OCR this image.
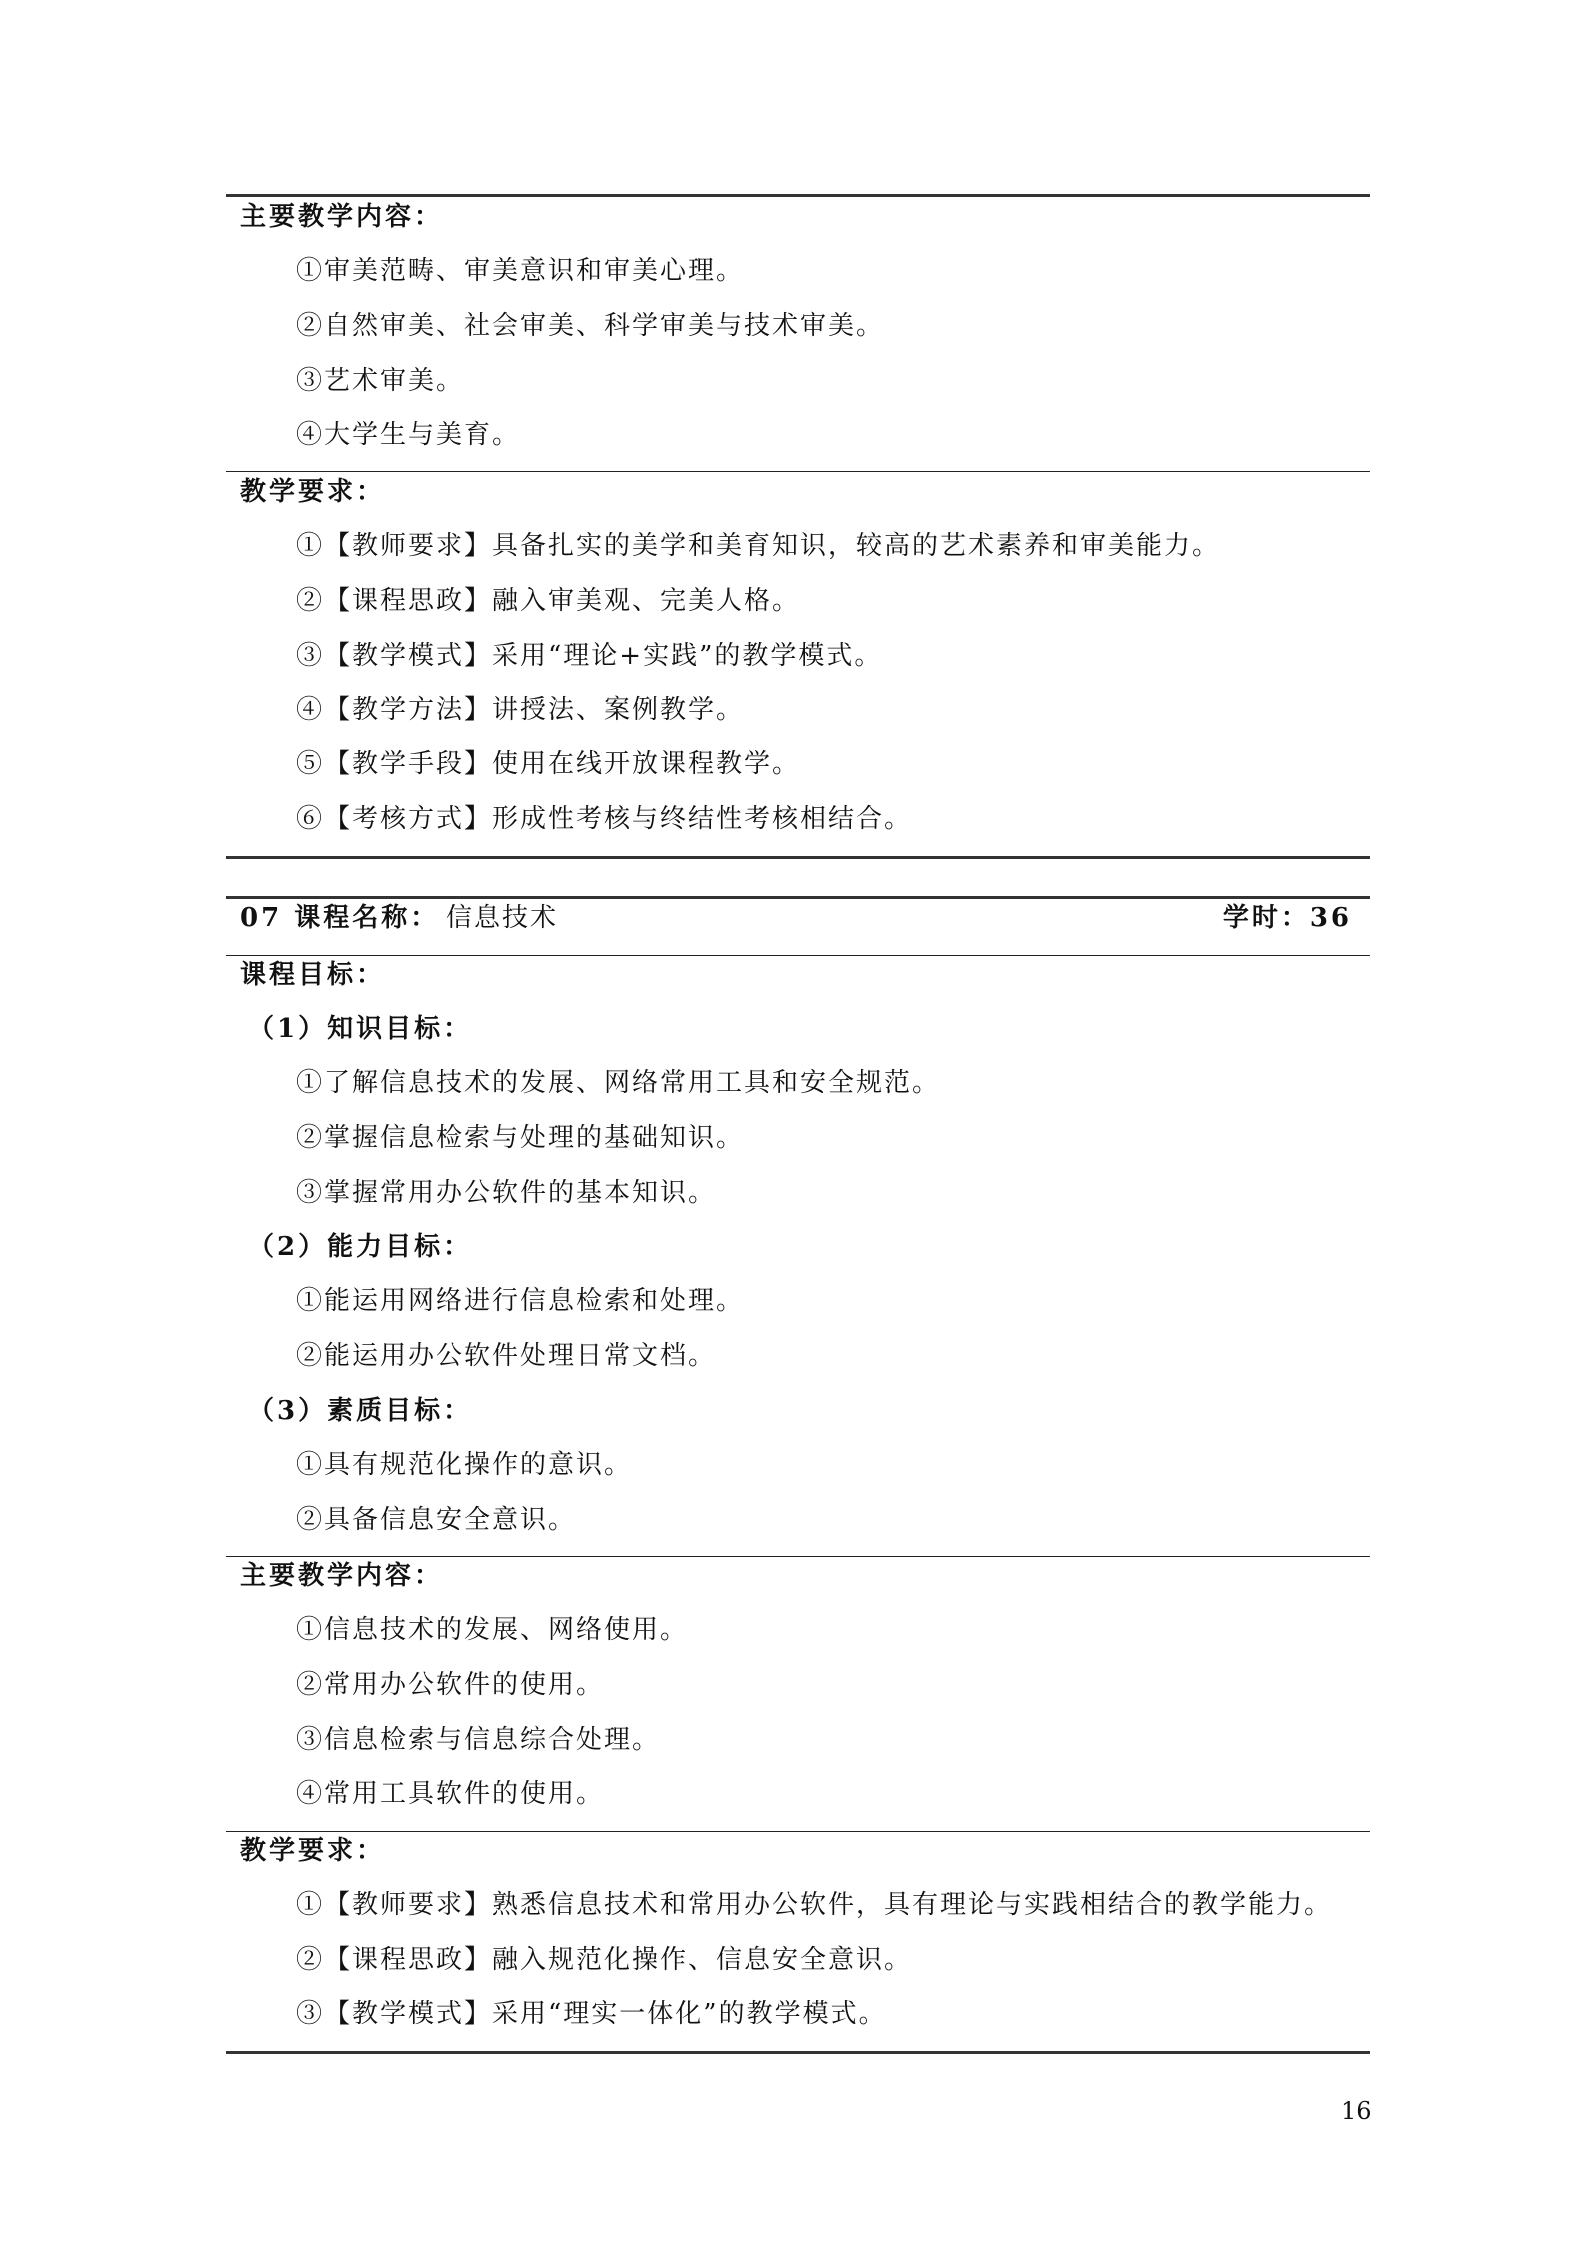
主要教学内容：
①审美范畴、审美意识和审美心理。
②自然审美、社会审美、科学审美与技术审美。
③艺术审美。
④大学生与美育。
教学要求：
①【教师要求】具备扎实的美学和美育知识，较高的艺术素养和审美能力。
②【课程思政】融入审美观、完美人格。
③【教学模式】采用“理论+实践”的教学模式。
④【教学方法】讲授法、案例教学。
⑤【教学手段】使用在线开放课程教学。
⑥【考核方式】形成性考核与终结性考核相结合。
07 课程名称： 信息技术	学时：36
课程目标：
（1）知识目标：
①了解信息技术的发展、网络常用工具和安全规范。
②掌握信息检索与处理的基础知识。
③掌握常用办公软件的基本知识。
（2）能力目标：
①能运用网络进行信息检索和处理。
②能运用办公软件处理日常文档。
（3）素质目标：
①具有规范化操作的意识。
②具备信息安全意识。
主要教学内容：
①信息技术的发展、网络使用。
②常用办公软件的使用。
③信息检索与信息综合处理。
④常用工具软件的使用。
教学要求：
①【教师要求】熟悉信息技术和常用办公软件，具有理论与实践相结合的教学能力。
②【课程思政】融入规范化操作、信息安全意识。
③【教学模式】采用“理实一体化”的教学模式。
16
